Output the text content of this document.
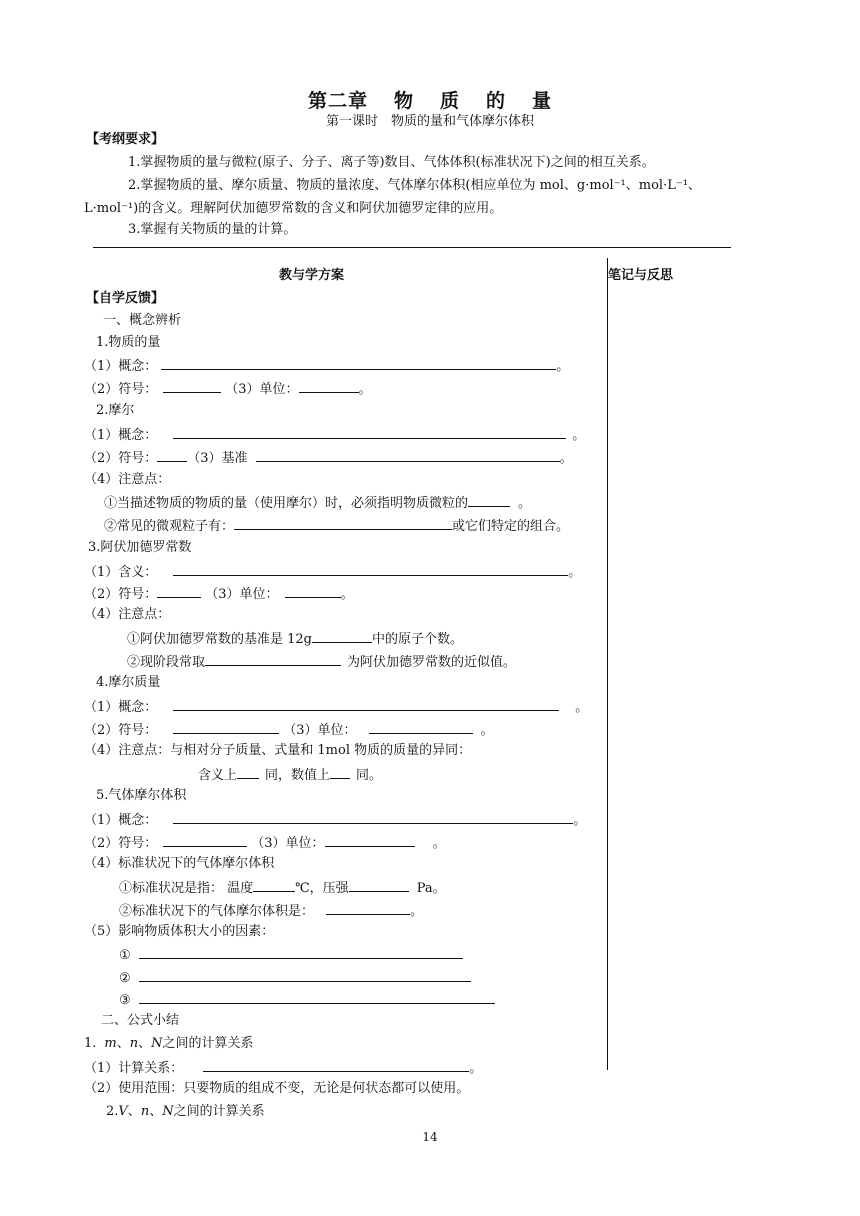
第二章 物 质 的 量
第一课时　物质的量和气体摩尔体积
【考纲要求】
1.掌握物质的量与微粒(原子、分子、离子等)数目、气体体积(标准状况下)之间的相互关系。
2.掌握物质的量、摩尔质量、物质的量浓度、气体摩尔体积(相应单位为 mol、g·mol⁻¹、mol·L⁻¹、
L·mol⁻¹)的含义。理解阿伏加德罗常数的含义和阿伏加德罗定律的应用。
3.掌握有关物质的量的计算。
教与学方案	笔记与反思
【自学反馈】
一、概念辨析
1.物质的量
（1）概念：	。
（2）符号：	（3）单位：	。
2.摩尔
（1）概念：	。
（2）符号： （3）基准	。
（4）注意点：
①当描述物质的物质的量（使用摩尔）时，必须指明物质微粒的	。
②常见的微观粒子有：	或它们特定的组合。
3.阿伏加德罗常数
（1）含义：	。
（2）符号：	（3）单位：	。
（4）注意点：
①阿伏加德罗常数的基准是 12g	中的原子个数。
②现阶段常取	为阿伏加德罗常数的近似值。
4.摩尔质量
（1）概念：	。
（2）符号：	（3）单位：	。
（4）注意点：与相对分子质量、式量和 1mol 物质的质量的异同：
含义上 同，数值上 同。
5.气体摩尔体积
（1）概念：	。
（2）符号：	（3）单位：	。
（4）标准状况下的气体摩尔体积
①标准状况是指： 温度	℃，压强	Pa。
②标准状况下的气体摩尔体积是：	。
（5）影响物质体积大小的因素：
①
②
③
二、公式小结
1. m、n、N之间的计算关系
（1）计算关系：	。
（2）使用范围：只要物质的组成不变，无论是何状态都可以使用。
2.V、n、N之间的计算关系
14
